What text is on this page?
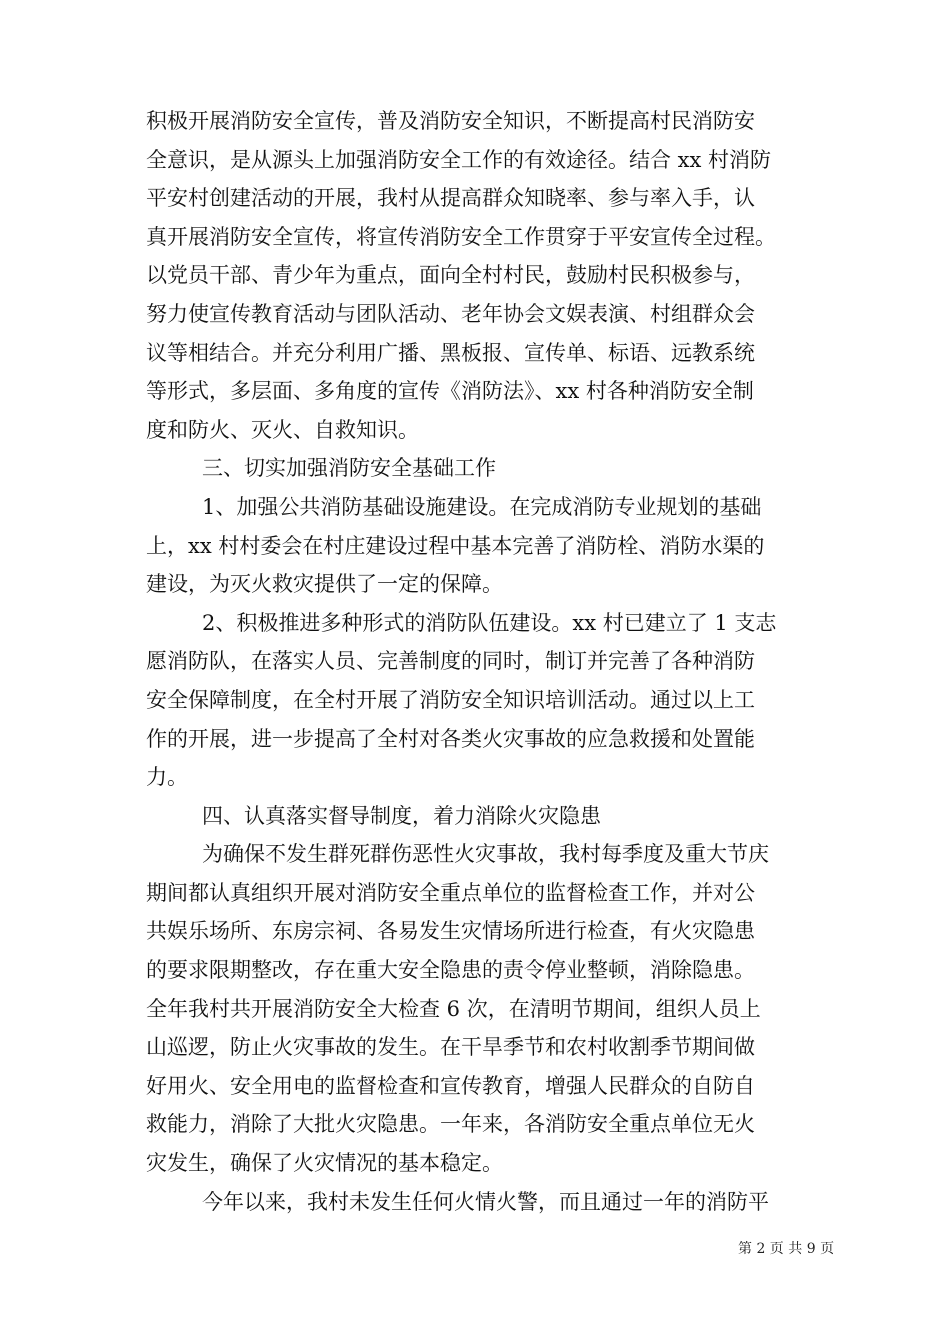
积极开展消防安全宣传，普及消防安全知识，不断提高村民消防安

全意识，是从源头上加强消防安全工作的有效途径。结合 xx 村消防

平安村创建活动的开展，我村从提高群众知晓率、参与率入手，认

真开展消防安全宣传，将宣传消防安全工作贯穿于平安宣传全过程。

以党员干部、青少年为重点，面向全村村民，鼓励村民积极参与，

努力使宣传教育活动与团队活动、老年协会文娱表演、村组群众会

议等相结合。并充分利用广播、黑板报、宣传单、标语、远教系统

等形式，多层面、多角度的宣传《消防法》、xx 村各种消防安全制

度和防火、灭火、自救知识。

三、切实加强消防安全基础工作

1、加强公共消防基础设施建设。在完成消防专业规划的基础

上，xx 村村委会在村庄建设过程中基本完善了消防栓、消防水渠的

建设，为灭火救灾提供了一定的保障。

2、积极推进多种形式的消防队伍建设。xx 村已建立了 1 支志

愿消防队，在落实人员、完善制度的同时，制订并完善了各种消防

安全保障制度，在全村开展了消防安全知识培训活动。通过以上工

作的开展，进一步提高了全村对各类火灾事故的应急救援和处置能

力。

四、认真落实督导制度，着力消除火灾隐患

为确保不发生群死群伤恶性火灾事故，我村每季度及重大节庆

期间都认真组织开展对消防安全重点单位的监督检查工作，并对公

共娱乐场所、东房宗祠、各易发生灾情场所进行检查，有火灾隐患

的要求限期整改，存在重大安全隐患的责令停业整顿，消除隐患。

全年我村共开展消防安全大检查 6 次，在清明节期间，组织人员上

山巡逻，防止火灾事故的发生。在干旱季节和农村收割季节期间做

好用火、安全用电的监督检查和宣传教育，增强人民群众的自防自

救能力，消除了大批火灾隐患。一年来，各消防安全重点单位无火

灾发生，确保了火灾情况的基本稳定。

今年以来，我村未发生任何火情火警，而且通过一年的消防平

第 2 页 共 9 页
